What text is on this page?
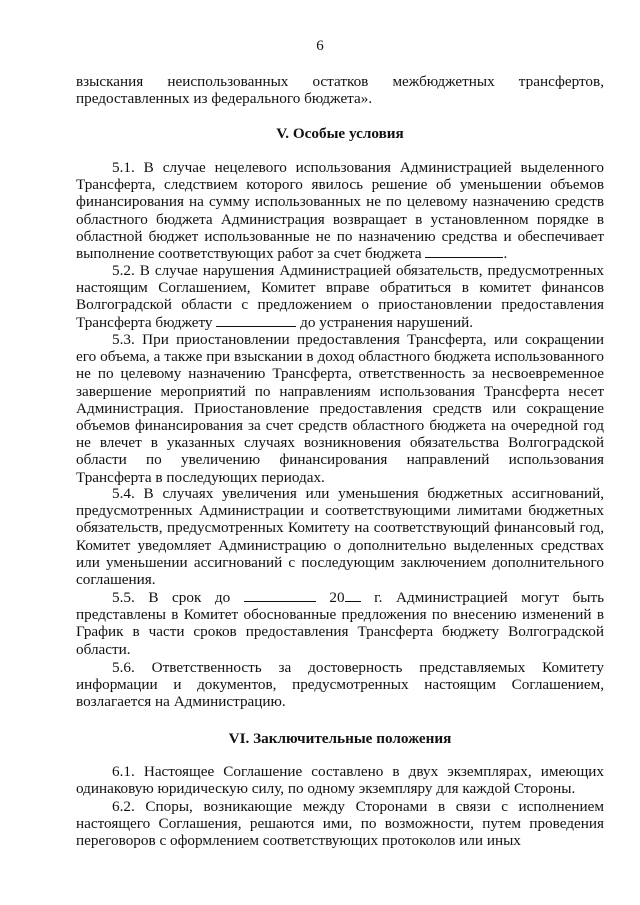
6

взыскания неиспользованных остатков межбюджетных трансфертов, предоставленных из федерального бюджета».

V. Особые условия

5.1. В случае нецелевого использования Администрацией выделенного Трансферта, следствием которого явилось решение об уменьшении объемов финансирования на сумму использованных не по целевому назначению средств областного бюджета Администрация возвращает в установленном порядке в областной бюджет использованные не по назначению средства и обеспечивает выполнение соответствующих работ за счет бюджета	.

5.2. В случае нарушения Администрацией обязательств, предусмотренных настоящим Соглашением, Комитет вправе обратиться в комитет финансов Волгоградской области с предложением о приостановлении предоставления Трансферта бюджету	до устранения нарушений.

5.3. При приостановлении предоставления Трансферта, или сокращении его объема, а также при взыскании в доход областного бюджета использованного не по целевому назначению Трансферта, ответственность за несвоевременное завершение мероприятий по направлениям использования Трансферта несет Администрация. Приостановление предоставления средств или сокращение объемов финансирования за счет средств областного бюджета на очередной год не влечет в указанных случаях возникновения обязательства Волгоградской области по увеличению финансирования направлений использования Трансферта в последующих периодах.

5.4. В случаях увеличения или уменьшения бюджетных ассигнований, предусмотренных Администрации и соответствующими лимитами бюджетных обязательств, предусмотренных Комитету на соответствующий финансовый год, Комитет уведомляет Администрацию о дополнительно выделенных средствах или уменьшении ассигнований с последующим заключением дополнительного соглашения.

5.5. В срок до	20 г. Администрацией могут быть представлены в Комитет обоснованные предложения по внесению изменений в График в части сроков предоставления Трансферта бюджету Волгоградской области.

5.6. Ответственность за достоверность представляемых Комитету информации и документов, предусмотренных настоящим Соглашением, возлагается на Администрацию.

VI. Заключительные положения

6.1. Настоящее Соглашение составлено в двух экземплярах, имеющих одинаковую юридическую силу, по одному экземпляру для каждой Стороны.

6.2. Споры, возникающие между Сторонами в связи с исполнением настоящего Соглашения, решаются ими, по возможности, путем проведения переговоров с оформлением соответствующих протоколов или иных
